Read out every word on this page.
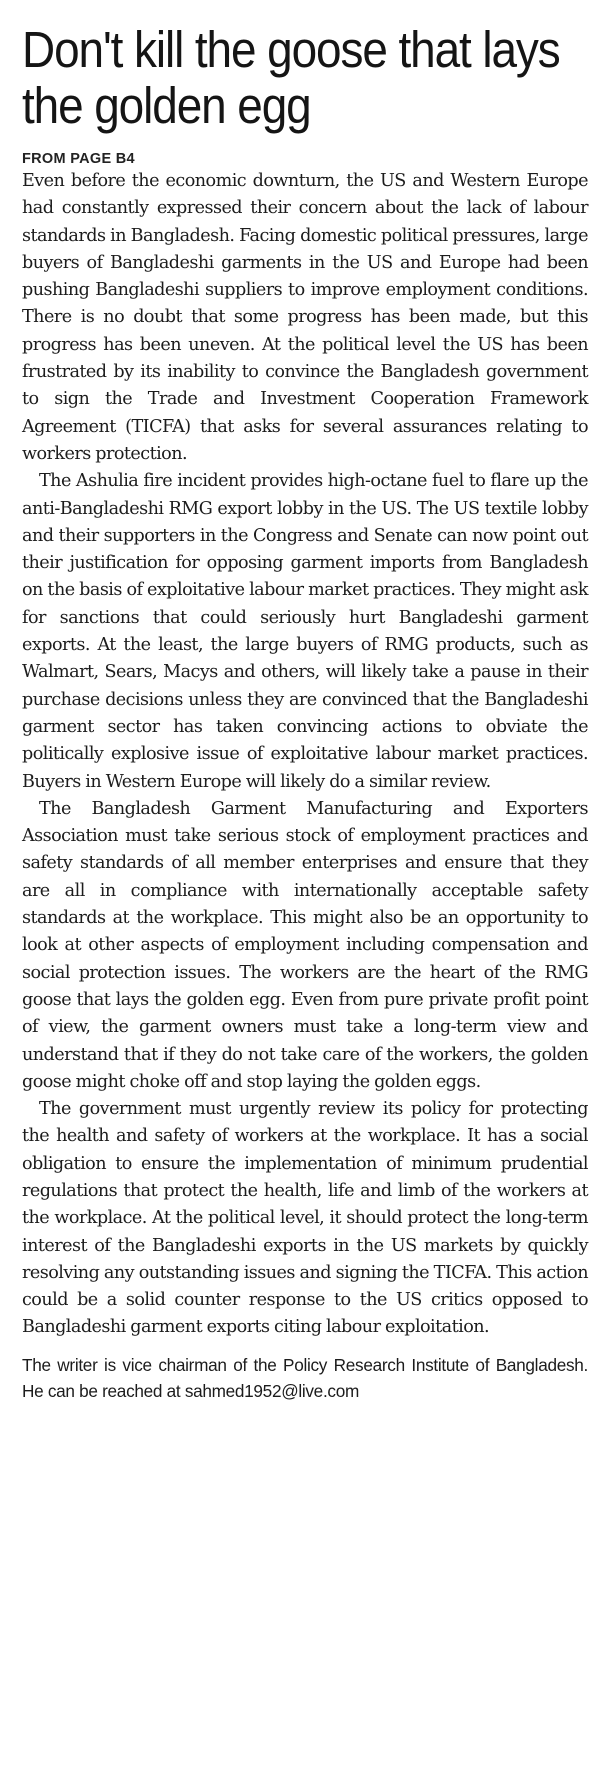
Don't kill the goose that lays the golden egg
FROM PAGE B4

Even before the economic downturn, the US and Western Europe had constantly expressed their concern about the lack of labour standards in Bangladesh. Facing domestic political pressures, large buyers of Bangladeshi garments in the US and Europe had been pushing Bangladeshi suppliers to improve employment conditions. There is no doubt that some progress has been made, but this progress has been uneven. At the political level the US has been frustrated by its inability to convince the Bangladesh government to sign the Trade and Investment Cooperation Framework Agreement (TICFA) that asks for several assurances relating to workers protection.

The Ashulia fire incident provides high-octane fuel to flare up the anti-Bangladeshi RMG export lobby in the US. The US textile lobby and their supporters in the Congress and Senate can now point out their justification for opposing garment imports from Bangladesh on the basis of exploitative labour market practices. They might ask for sanctions that could seriously hurt Bangladeshi garment exports. At the least, the large buyers of RMG products, such as Walmart, Sears, Macys and others, will likely take a pause in their purchase decisions unless they are convinced that the Bangladeshi garment sector has taken convincing actions to obviate the politically explosive issue of exploitative labour market practices. Buyers in Western Europe will likely do a similar review.

The Bangladesh Garment Manufacturing and Exporters Association must take serious stock of employment practices and safety standards of all member enterprises and ensure that they are all in compliance with internationally acceptable safety standards at the workplace. This might also be an opportunity to look at other aspects of employment including compensation and social protection issues. The workers are the heart of the RMG goose that lays the golden egg. Even from pure private profit point of view, the garment owners must take a long-term view and understand that if they do not take care of the workers, the golden goose might choke off and stop laying the golden eggs.

The government must urgently review its policy for protecting the health and safety of workers at the workplace. It has a social obligation to ensure the implementation of minimum prudential regulations that protect the health, life and limb of the workers at the workplace. At the political level, it should protect the long-term interest of the Bangladeshi exports in the US markets by quickly resolving any outstanding issues and signing the TICFA. This action could be a solid counter response to the US critics opposed to Bangladeshi garment exports citing labour exploitation.

The writer is vice chairman of the Policy Research Institute of Bangladesh. He can be reached at sahmed1952@live.com
